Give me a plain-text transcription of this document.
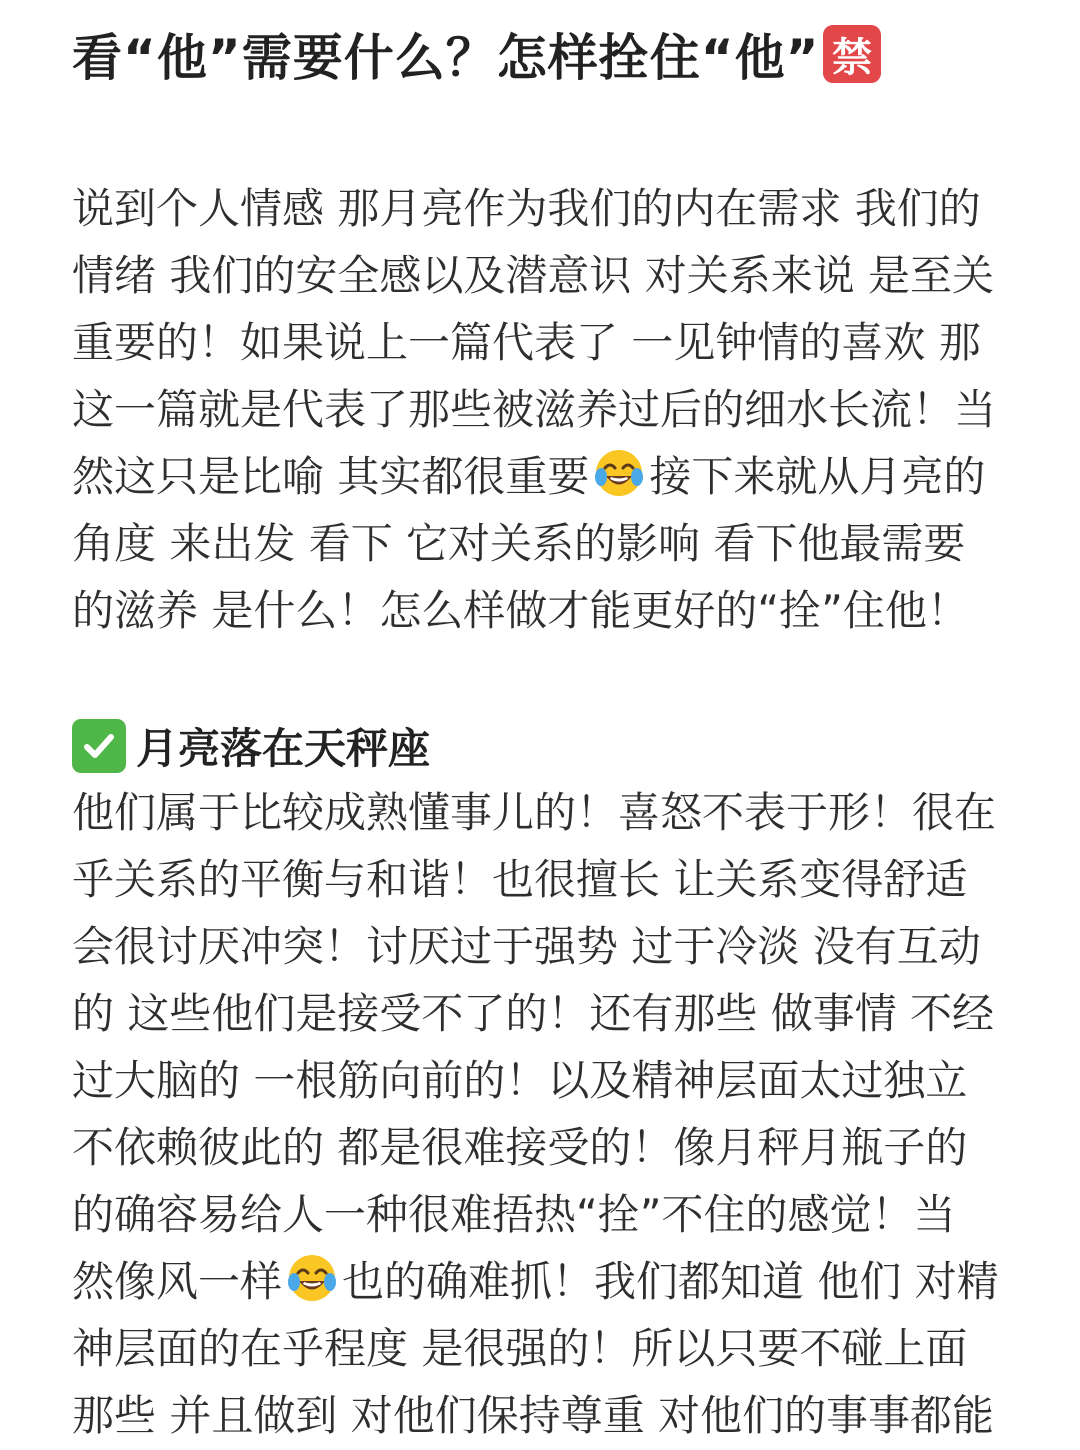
看“他”需要什么？怎样拴住“他” 禁
说到个人情感 那月亮作为我们的内在需求 我们的
情绪 我们的安全感以及潜意识 对关系来说 是至关
重要的！如果说上一篇代表了 一见钟情的喜欢 那
这一篇就是代表了那些被滋养过后的细水长流！当
然这只是比喻 其实都很重要 接下来就从月亮的
角度 来出发 看下 它对关系的影响 看下他最需要
的滋养 是什么！怎么样做才能更好的“拴”住他！
月亮落在天秤座
他们属于比较成熟懂事儿的！喜怒不表于形！很在
乎关系的平衡与和谐！也很擅长 让关系变得舒适
会很讨厌冲突！讨厌过于强势 过于冷淡 没有互动
的 这些他们是接受不了的！还有那些 做事情 不经
过大脑的 一根筋向前的！以及精神层面太过独立
不依赖彼此的 都是很难接受的！像月秤月瓶子的
的确容易给人一种很难捂热“拴”不住的感觉！当
然像风一样 也的确难抓！我们都知道 他们 对精
神层面的在乎程度 是很强的！所以只要不碰上面
那些 并且做到 对他们保持尊重 对他们的事事都能
